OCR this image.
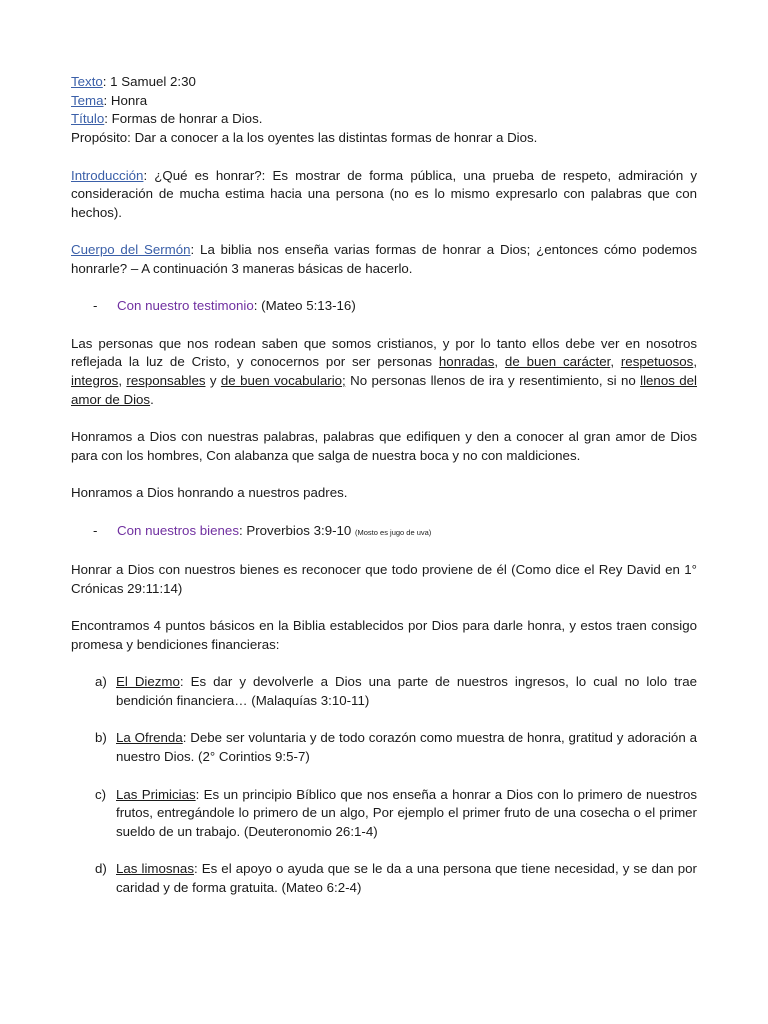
Texto: 1 Samuel 2:30

Tema: Honra

Título: Formas de honrar a Dios.

Propósito: Dar a conocer a la los oyentes las distintas formas de honrar a Dios.

Introducción: ¿Qué es honrar?: Es mostrar de forma pública, una prueba de respeto, admiración y consideración de mucha estima hacia una persona (no es lo mismo expresarlo con palabras que con hechos).

Cuerpo del Sermón: La biblia nos enseña varias formas de honrar a Dios; ¿entonces cómo podemos honrarle? – A continuación 3 maneras básicas de hacerlo.

-	Con nuestro testimonio: (Mateo 5:13-16)

Las personas que nos rodean saben que somos cristianos, y por lo tanto ellos debe ver en nosotros reflejada la luz de Cristo, y conocernos por ser personas honradas, de buen carácter, respetuosos, integros, responsables y de buen vocabulario; No personas llenos de ira y resentimiento, si no llenos del amor de Dios.

Honramos a Dios con nuestras palabras, palabras que edifiquen y den a conocer al gran amor de Dios para con los hombres, Con alabanza que salga de nuestra boca y no con maldiciones.

Honramos a Dios honrando a nuestros padres.

-	Con nuestros bienes: Proverbios 3:9-10 (Mosto es jugo de uva)

Honrar a Dios con nuestros bienes es reconocer que todo proviene de él (Como dice el Rey David en 1° Crónicas 29:11:14)

Encontramos 4 puntos básicos en la Biblia establecidos por Dios para darle honra, y estos traen consigo promesa y bendiciones financieras:

a) El Diezmo: Es dar y devolverle a Dios una parte de nuestros ingresos, lo cual no lolo trae bendición financiera… (Malaquías 3:10-11)
b) La Ofrenda: Debe ser voluntaria y de todo corazón como muestra de honra, gratitud y adoración a nuestro Dios. (2° Corintios 9:5-7)
c) Las Primicias: Es un principio Bíblico que nos enseña a honrar a Dios con lo primero de nuestros frutos, entregándole lo primero de un algo, Por ejemplo el primer fruto de una cosecha o el primer sueldo de un trabajo. (Deuteronomio 26:1-4)
d) Las limosnas: Es el apoyo o ayuda que se le da a una persona que tiene necesidad, y se dan por caridad y de forma gratuita. (Mateo 6:2-4)
